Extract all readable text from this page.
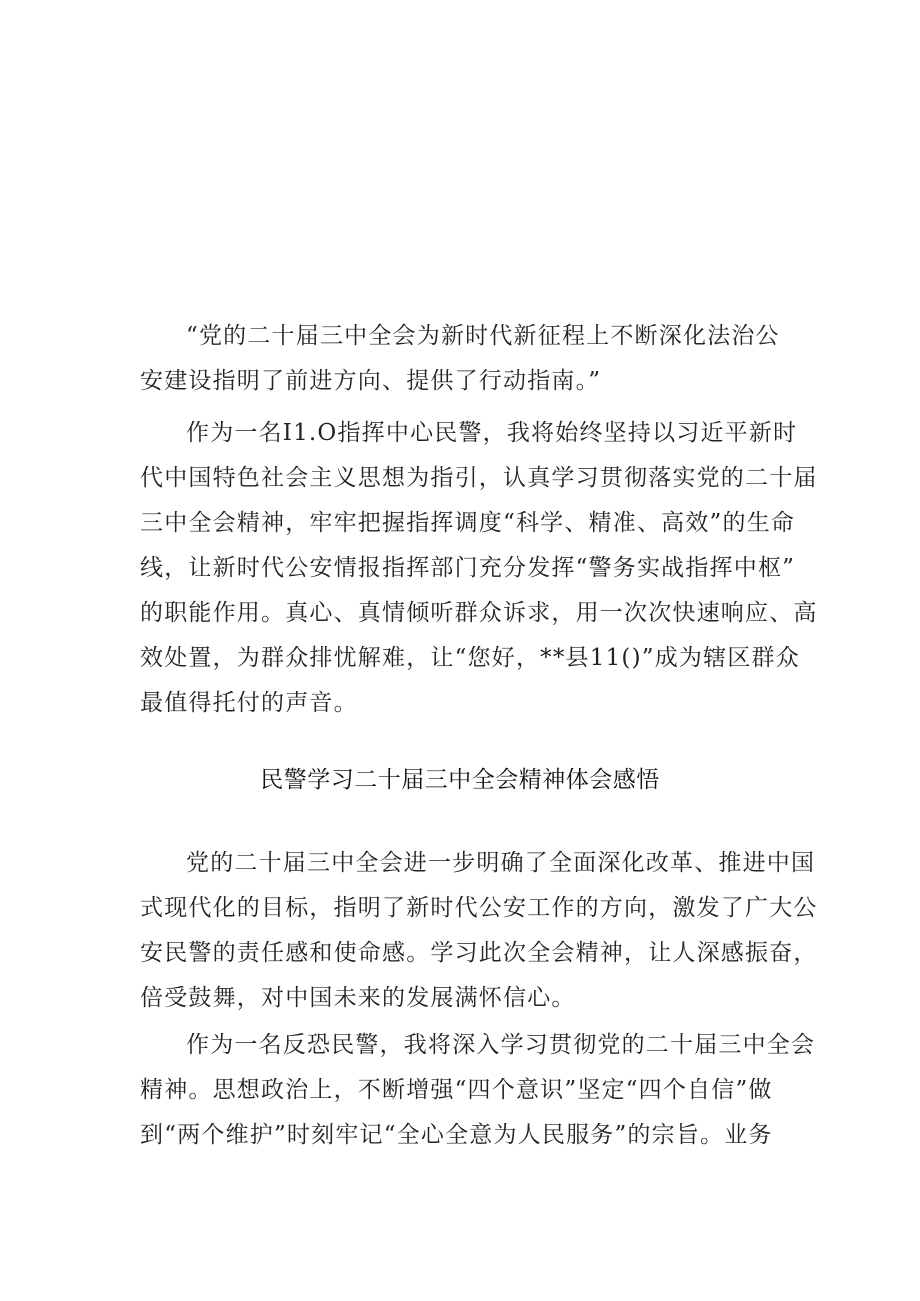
“党的二十届三中全会为新时代新征程上不断深化法治公
安建设指明了前进方向、提供了行动指南。”
作为一名I1.O指挥中心民警，我将始终坚持以习近平新时
代中国特色社会主义思想为指引，认真学习贯彻落实党的二十届
三中全会精神，牢牢把握指挥调度“科学、精准、高效”的生命
线，让新时代公安情报指挥部门充分发挥“警务实战指挥中枢”
的职能作用。真心、真情倾听群众诉求，用一次次快速响应、高
效处置，为群众排忧解难，让“您好，**县11()”成为辖区群众
最值得托付的声音。
民警学习二十届三中全会精神体会感悟
党的二十届三中全会进一步明确了全面深化改革、推进中国
式现代化的目标，指明了新时代公安工作的方向，激发了广大公
安民警的责任感和使命感。学习此次全会精神，让人深感振奋，
倍受鼓舞，对中国未来的发展满怀信心。
作为一名反恐民警，我将深入学习贯彻党的二十届三中全会
精神。思想政治上，不断增强“四个意识”坚定“四个自信”做
到“两个维护”时刻牢记“全心全意为人民服务”的宗旨。业务
